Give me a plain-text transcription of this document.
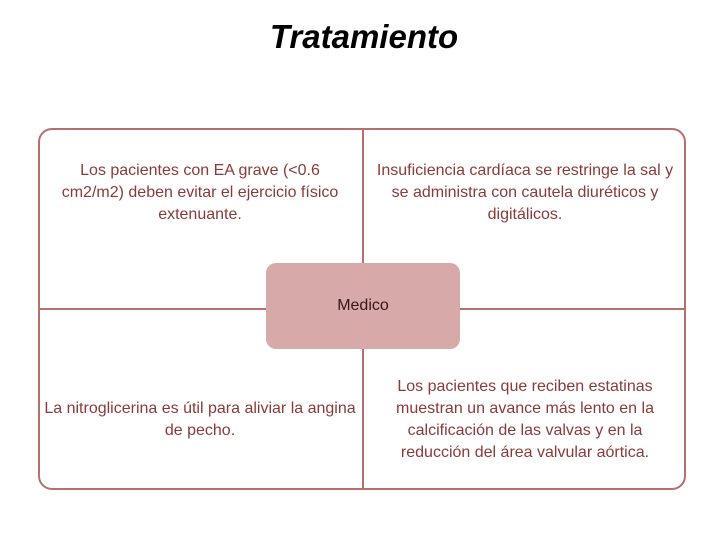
Tratamiento
Los pacientes con EA grave (<0.6 cm2/m2) deben evitar el ejercicio físico extenuante.
Insuficiencia cardíaca se restringe la sal y se administra con cautela diuréticos y digitálicos.
La nitroglicerina es útil para aliviar la angina de pecho.
Los pacientes que reciben estatinas muestran un avance más lento en la calcificación de las valvas y en la reducción del área valvular aórtica.
Medico
